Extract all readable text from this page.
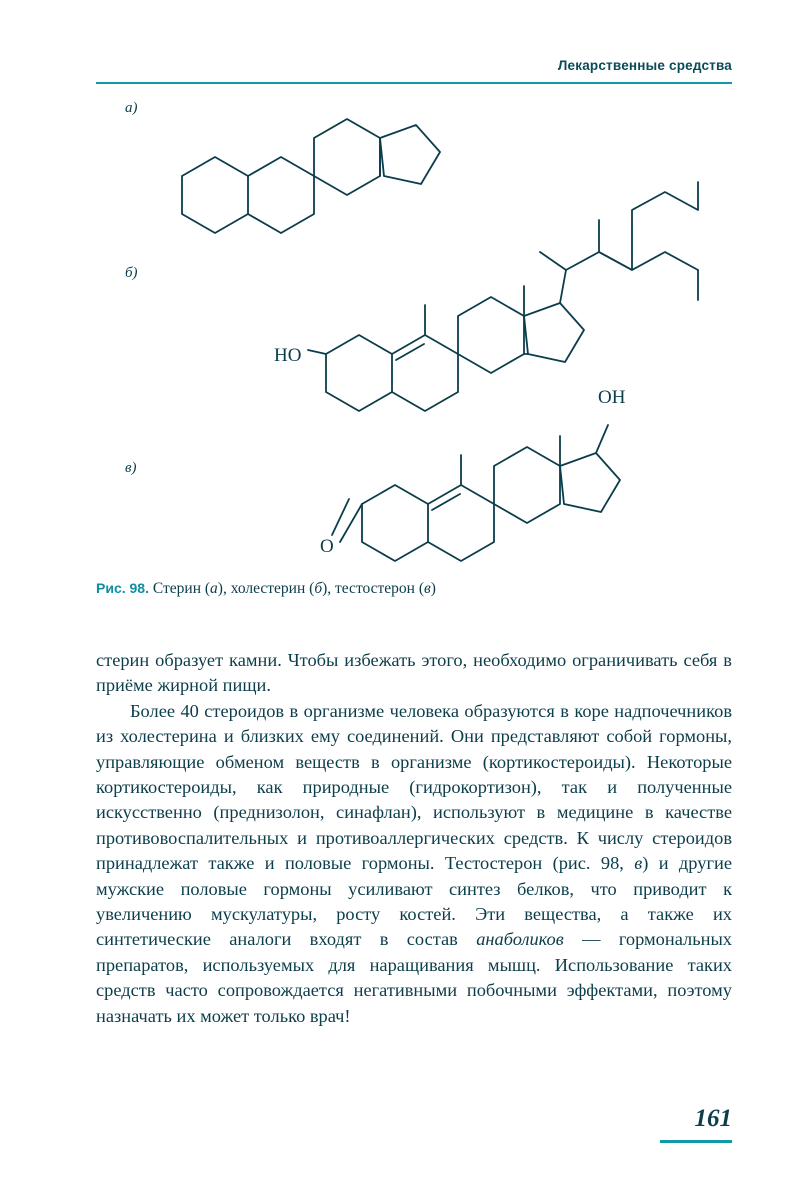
Лекарственные средства
а)
б)
в)
HO
OH
O
Рис. 98. Стерин (а), холестерин (б), тестостерон (в)

стерин образует камни. Чтобы избежать этого, необходимо ограничивать себя в приёме жирной пищи.

Более 40 стероидов в организме человека образуются в коре надпочечников из холестерина и близких ему соединений. Они представляют собой гормоны, управляющие обменом веществ в организме (кортикостероиды). Некоторые кортикостероиды, как природные (гидрокортизон), так и полученные искусственно (преднизолон, синафлан), используют в медицине в качестве противовоспалительных и противоаллергических средств. К числу стероидов принадлежат также и половые гормоны. Тестостерон (рис. 98, в) и другие мужские половые гормоны усиливают синтез белков, что приводит к увеличению мускулатуры, росту костей. Эти вещества, а также их синтетические аналоги входят в состав анаболиков — гормональных препаратов, используемых для наращивания мышц. Использование таких средств часто сопровождается негативными побочными эффектами, поэтому назначать их может только врач!

161
